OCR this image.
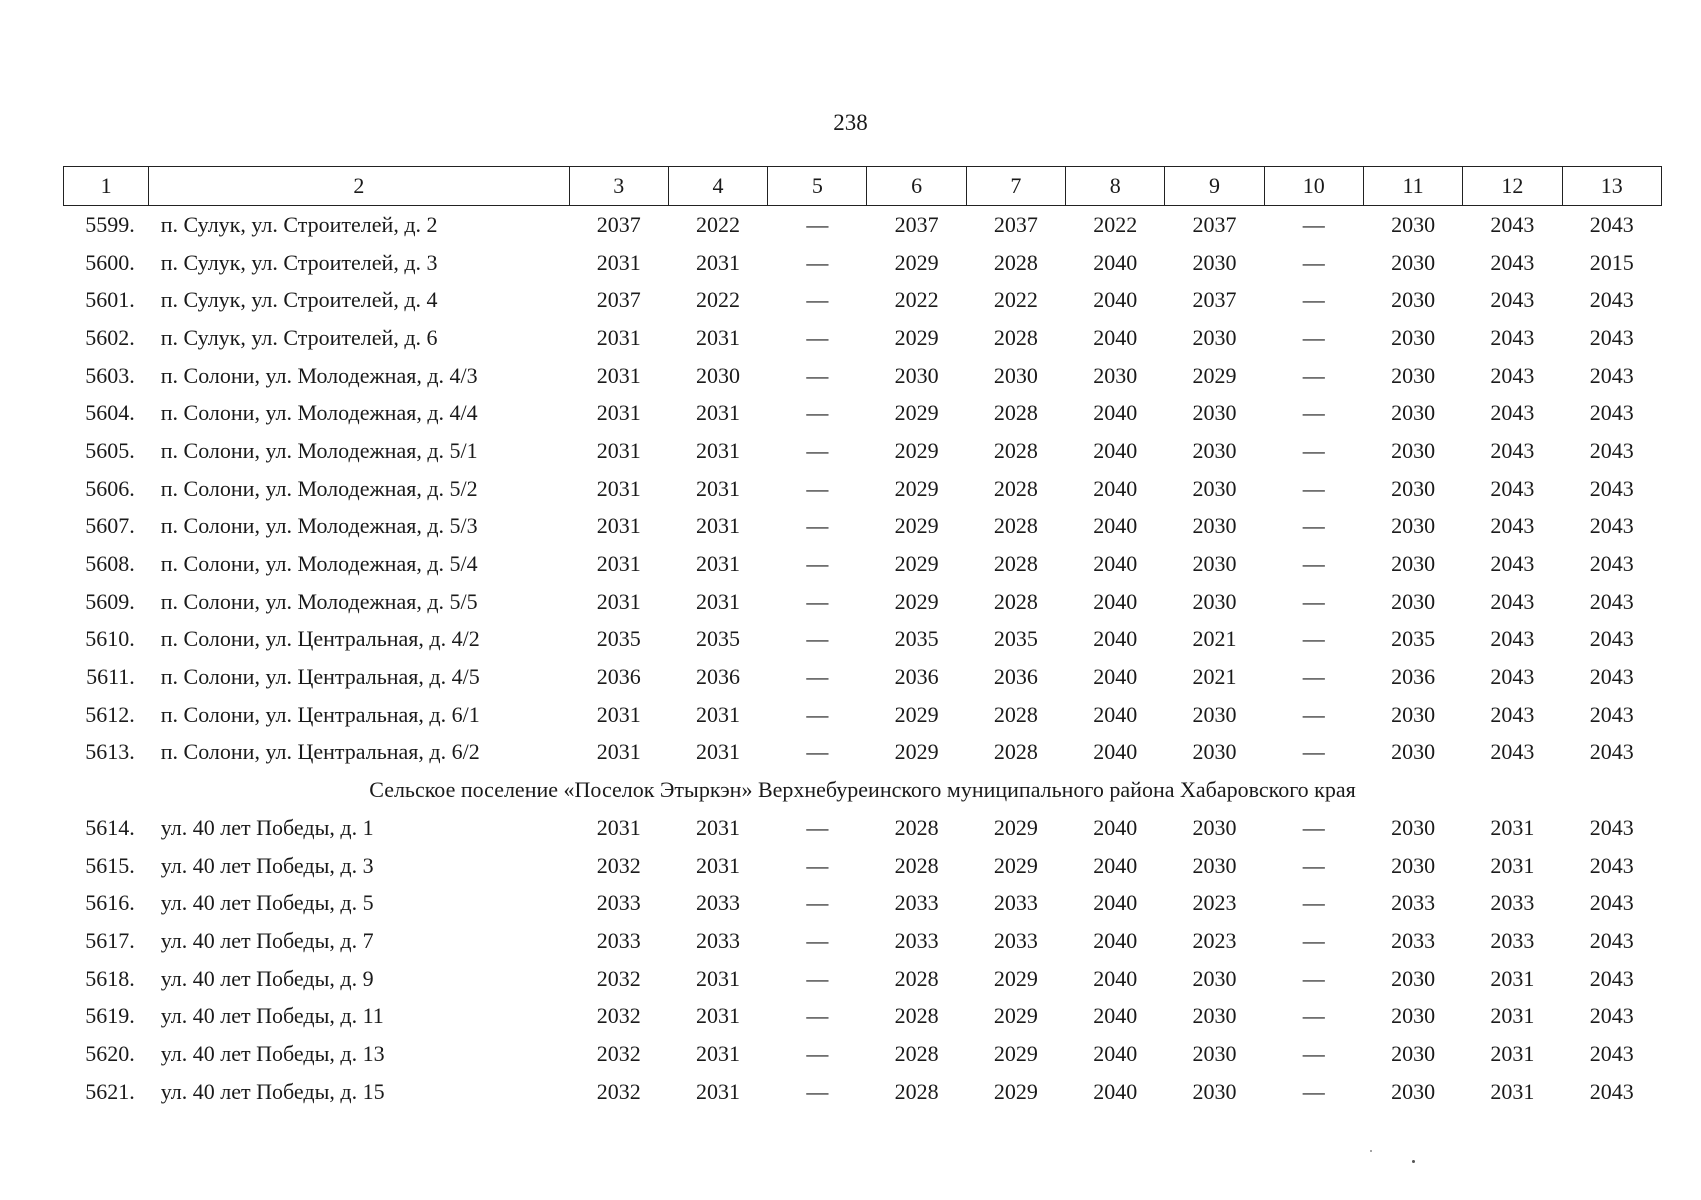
238
1	2	3	4	5	6	7	8	9	10	11	12	13
5599.	п. Сулук, ул. Строителей, д. 2	2037	2022	—	2037	2037	2022	2037	—	2030	2043	2043
5600.	п. Сулук, ул. Строителей, д. 3	2031	2031	—	2029	2028	2040	2030	—	2030	2043	2015
5601.	п. Сулук, ул. Строителей, д. 4	2037	2022	—	2022	2022	2040	2037	—	2030	2043	2043
5602.	п. Сулук, ул. Строителей, д. 6	2031	2031	—	2029	2028	2040	2030	—	2030	2043	2043
5603.	п. Солони, ул. Молодежная, д. 4/3	2031	2030	—	2030	2030	2030	2029	—	2030	2043	2043
5604.	п. Солони, ул. Молодежная, д. 4/4	2031	2031	—	2029	2028	2040	2030	—	2030	2043	2043
5605.	п. Солони, ул. Молодежная, д. 5/1	2031	2031	—	2029	2028	2040	2030	—	2030	2043	2043
5606.	п. Солони, ул. Молодежная, д. 5/2	2031	2031	—	2029	2028	2040	2030	—	2030	2043	2043
5607.	п. Солони, ул. Молодежная, д. 5/3	2031	2031	—	2029	2028	2040	2030	—	2030	2043	2043
5608.	п. Солони, ул. Молодежная, д. 5/4	2031	2031	—	2029	2028	2040	2030	—	2030	2043	2043
5609.	п. Солони, ул. Молодежная, д. 5/5	2031	2031	—	2029	2028	2040	2030	—	2030	2043	2043
5610.	п. Солони, ул. Центральная, д. 4/2	2035	2035	—	2035	2035	2040	2021	—	2035	2043	2043
5611.	п. Солони, ул. Центральная, д. 4/5	2036	2036	—	2036	2036	2040	2021	—	2036	2043	2043
5612.	п. Солони, ул. Центральная, д. 6/1	2031	2031	—	2029	2028	2040	2030	—	2030	2043	2043
5613.	п. Солони, ул. Центральная, д. 6/2	2031	2031	—	2029	2028	2040	2030	—	2030	2043	2043
Сельское поселение «Поселок Этыркэн» Верхнебуреинского муниципального района Хабаровского края												
5614.	ул. 40 лет Победы, д. 1	2031	2031	—	2028	2029	2040	2030	—	2030	2031	2043
5615.	ул. 40 лет Победы, д. 3	2032	2031	—	2028	2029	2040	2030	—	2030	2031	2043
5616.	ул. 40 лет Победы, д. 5	2033	2033	—	2033	2033	2040	2023	—	2033	2033	2043
5617.	ул. 40 лет Победы, д. 7	2033	2033	—	2033	2033	2040	2023	—	2033	2033	2043
5618.	ул. 40 лет Победы, д. 9	2032	2031	—	2028	2029	2040	2030	—	2030	2031	2043
5619.	ул. 40 лет Победы, д. 11	2032	2031	—	2028	2029	2040	2030	—	2030	2031	2043
5620.	ул. 40 лет Победы, д. 13	2032	2031	—	2028	2029	2040	2030	—	2030	2031	2043
5621.	ул. 40 лет Победы, д. 15	2032	2031	—	2028	2029	2040	2030	—	2030	2031	2043
